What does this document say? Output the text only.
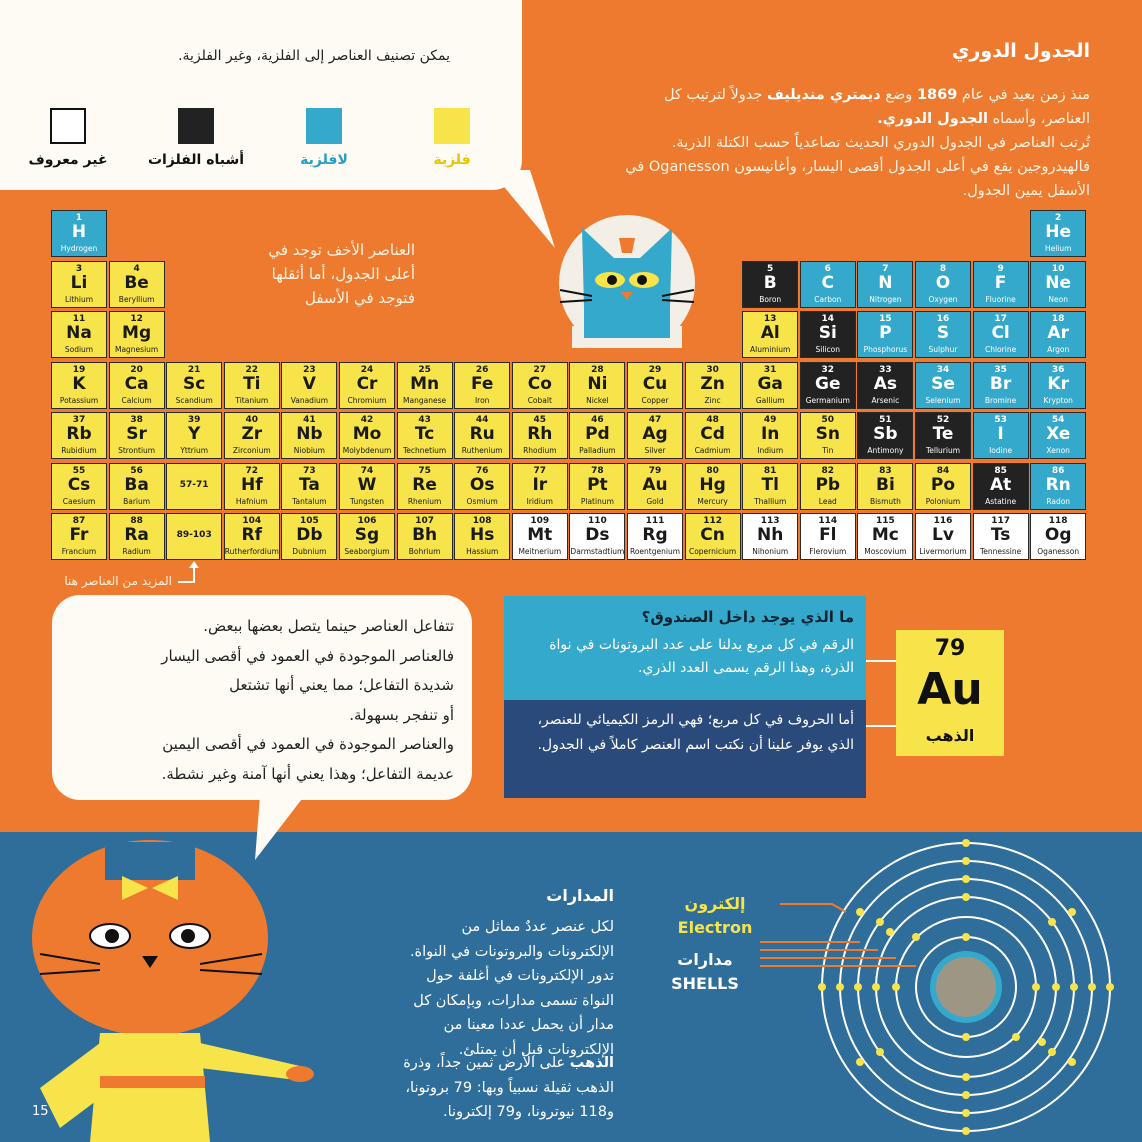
يمكن تصنيف العناصر إلى الفلزية، وغير الفلزية.
فلزية
لافلزية
أشباه الفلزات
غير معروف
الجدول الدوري
منذ زمن بعيد في عام 1869 وضع ديمتري منديليف جدولاً لترتيب كل العناصر، وأسماه الجدول الدوري.
تُرتب العناصر في الجدول الدوري الحديث تصاعدياً حسب الكتلة الذرية.
فالهيدروجين يقع في أعلى الجدول أقصى اليسار، وأغانيسون Oganesson في الأسفل يمين الجدول.
العناصر الأخف توجد في
أعلى الجدول، أما أثقلها
فتوجد في الأسفل
1
H
Hydrogen
2
He
Helium
3
Li
Lithium
4
Be
Beryllium
5
B
Boron
6
C
Carbon
7
N
Nitrogen
8
O
Oxygen
9
F
Fluorine
10
Ne
Neon
11
Na
Sodium
12
Mg
Magnesium
13
Al
Aluminium
14
Si
Silicon
15
P
Phosphorus
16
S
Sulphur
17
Cl
Chlorine
18
Ar
Argon
19
K
Potassium
20
Ca
Calcium
21
Sc
Scandium
22
Ti
Titanium
23
V
Vanadium
24
Cr
Chromium
25
Mn
Manganese
26
Fe
Iron
27
Co
Cobalt
28
Ni
Nickel
29
Cu
Copper
30
Zn
Zinc
31
Ga
Gallium
32
Ge
Germanium
33
As
Arsenic
34
Se
Selenium
35
Br
Bromine
36
Kr
Krypton
37
Rb
Rubidium
38
Sr
Strontium
39
Y
Yttrium
40
Zr
Zirconium
41
Nb
Niobium
42
Mo
Molybdenum
43
Tc
Technetium
44
Ru
Ruthenium
45
Rh
Rhodium
46
Pd
Palladium
47
Ag
Silver
48
Cd
Cadmium
49
In
Indium
50
Sn
Tin
51
Sb
Antimony
52
Te
Tellurium
53
I
Iodine
54
Xe
Xenon
55
Cs
Caesium
56
Ba
Barium
57-71
72
Hf
Hafnium
73
Ta
Tantalum
74
W
Tungsten
75
Re
Rhenium
76
Os
Osmium
77
Ir
Iridium
78
Pt
Platinum
79
Au
Gold
80
Hg
Mercury
81
Tl
Thallium
82
Pb
Lead
83
Bi
Bismuth
84
Po
Polonium
85
At
Astatine
86
Rn
Radon
87
Fr
Francium
88
Ra
Radium
89-103
104
Rf
Rutherfordium
105
Db
Dubnium
106
Sg
Seaborgium
107
Bh
Bohrium
108
Hs
Hassium
109
Mt
Meitnerium
110
Ds
Darmstadtium
111
Rg
Roentgenium
112
Cn
Copernicium
113
Nh
Nihonium
114
Fl
Flerovium
115
Mc
Moscovium
116
Lv
Livermorium
117
Ts
Tennessine
118
Og
Oganesson
المزيد من العناصر هنا
تتفاعل العناصر حينما يتصل بعضها ببعض.
فالعناصر الموجودة في العمود في أقصى اليسار
شديدة التفاعل؛ مما يعني أنها تشتعل
أو تنفجر بسهولة.
والعناصر الموجودة في العمود في أقصى اليمين
عديمة التفاعل؛ وهذا يعني أنها آمنة وغير نشطة.
ما الذي يوجد داخل الصندوق؟
الرقم في كل مربع يدلنا على عدد البروتونات في نواة الذرة، وهذا الرقم يسمى العدد الذري.
أما الحروف في كل مربع؛ فهي الرمز الكيميائي للعنصر، الذي يوفر علينا أن نكتب اسم العنصر كاملاً في الجدول.
79
Au
الذهب
المدارات
لكل عنصر عددٌ مماثل من الإلكترونات والبروتونات في النواة. تدور الإلكترونات في أغلفة حول النواة تسمى مدارات، وبإمكان كل مدار أن يحمل عددا معينا من الإلكترونات قبل أن يمتلئ.
الذهب على الأرض ثمين جداً، وذرة الذهب ثقيلة نسبياً وبها: 79 بروتونا، و118 نيوترونا، و79 إلكترونا.
إلكترون
Electron
مدارات
SHELLS
15
